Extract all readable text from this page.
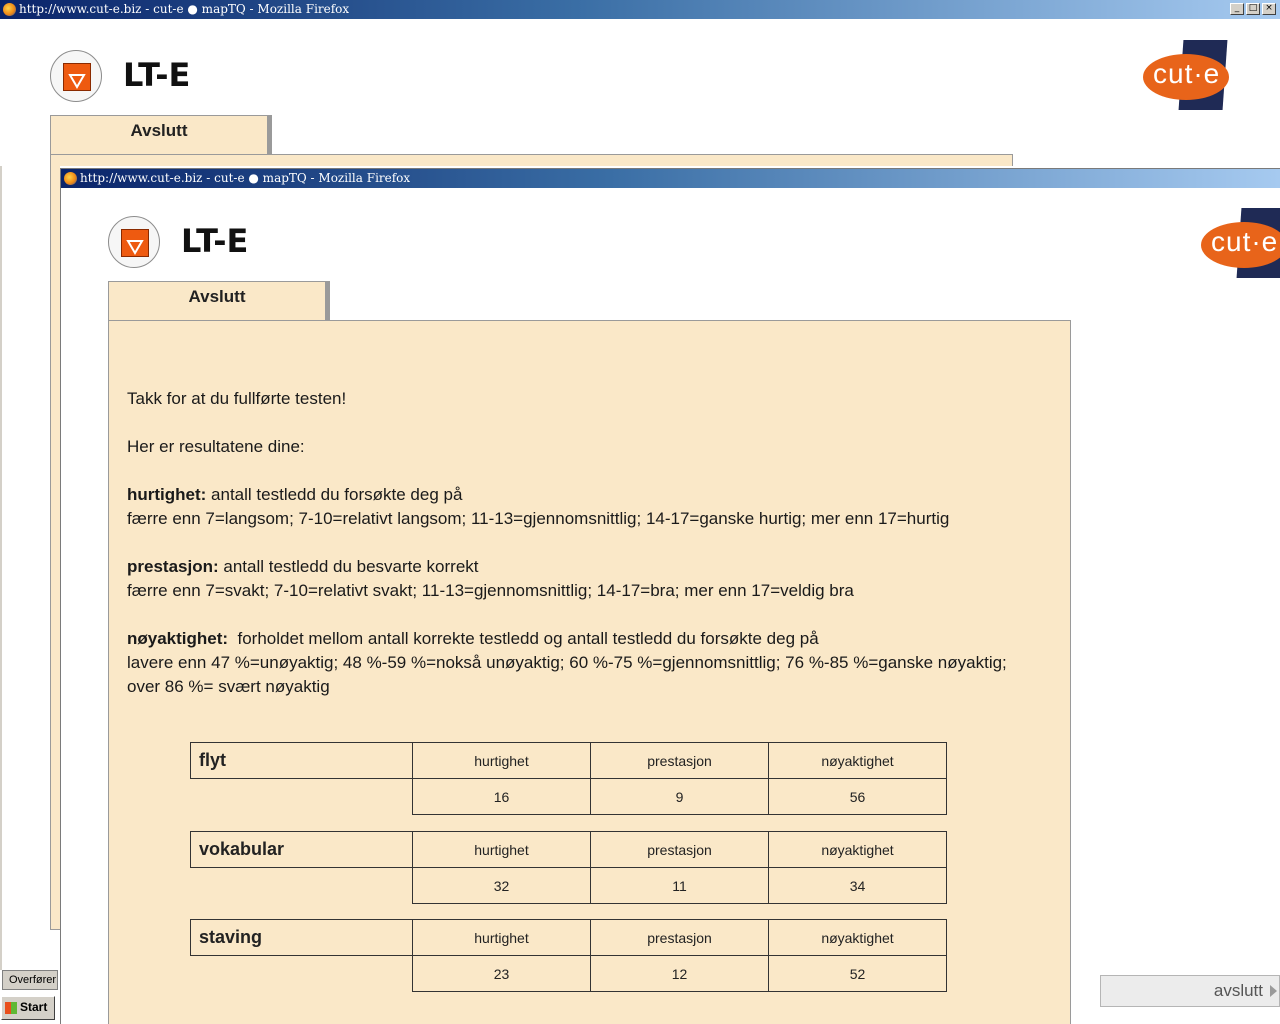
http://www.cut-e.biz - cut-e ● mapTQ - Mozilla Firefox	_	□ ×
LT-E	cut·e
Avslutt
http://www.cut-e.biz - cut-e ● mapTQ - Mozilla Firefox
LT-E	cut·e
Avslutt

Takk for at du fullførte testen!

Her er resultatene dine:

hurtighet: antall testledd du forsøkte deg på
færre enn 7=langsom; 7-10=relativt langsom; 11-13=gjennomsnittlig; 14-17=ganske hurtig; mer enn 17=hurtig

prestasjon: antall testledd du besvarte korrekt
færre enn 7=svakt; 7-10=relativt svakt; 11-13=gjennomsnittlig; 14-17=bra; mer enn 17=veldig bra

nøyaktighet:  forholdet mellom antall korrekte testledd og antall testledd du forsøkte deg på
lavere enn 47 %=unøyaktig; 48 %-59 %=nokså unøyaktig; 60 %-75 %=gjennomsnittlig; 76 %-85 %=ganske nøyaktig; over 86 %= svært nøyaktig

flyt	hurtighet	prestasjon	nøyaktighet
	16	9	56
vokabular	hurtighet	prestasjon	nøyaktighet
	32	11	34
staving	hurtighet	prestasjon	nøyaktighet
	23	12	52
Overfører
Start
avslutt
